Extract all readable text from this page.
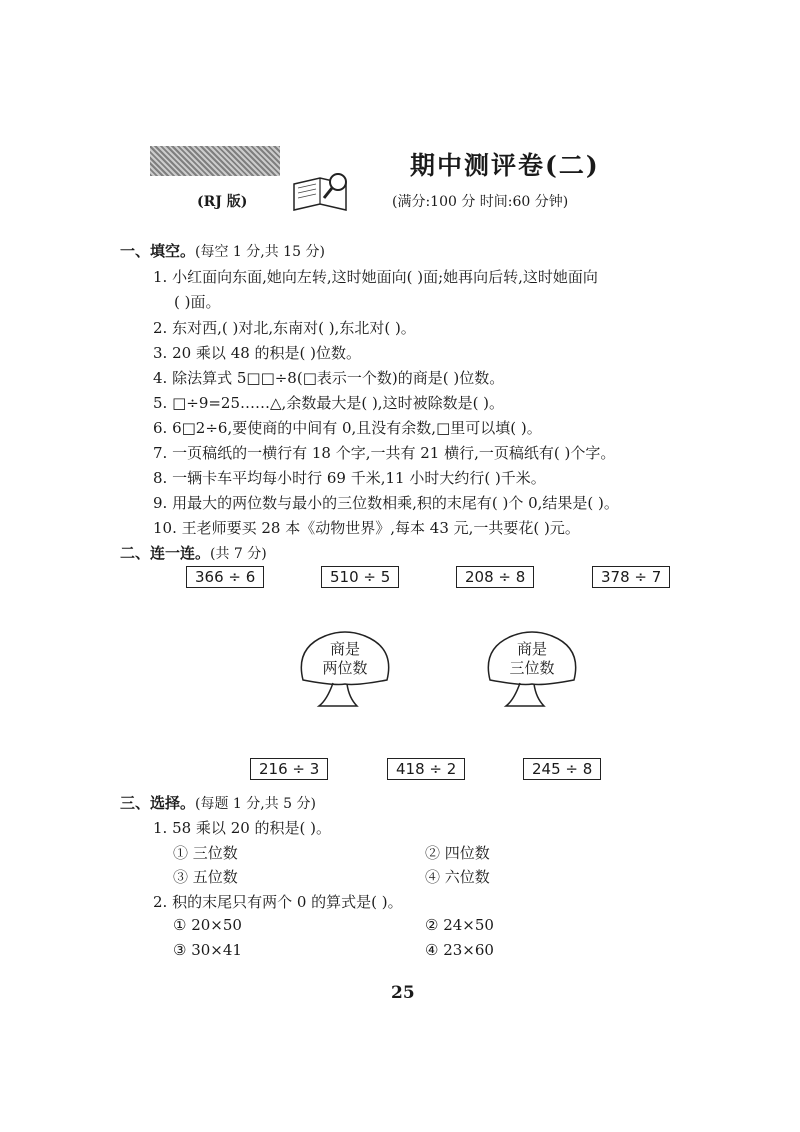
期中测评卷(二)
(RJ 版)	(满分:100 分 时间:60 分钟)
一、填空。(每空 1 分,共 15 分)
1. 小红面向东面,她向左转,这时她面向( )面;她再向后转,这时她面向
( )面。
2. 东对西,( )对北,东南对( ),东北对( )。
3. 20 乘以 48 的积是( )位数。
4. 除法算式 5□□÷8(□表示一个数)的商是( )位数。
5. □÷9=25……△,余数最大是( ),这时被除数是( )。
6. 6□2÷6,要使商的中间有 0,且没有余数,□里可以填( )。
7. 一页稿纸的一横行有 18 个字,一共有 21 横行,一页稿纸有( )个字。
8. 一辆卡车平均每小时行 69 千米,11 小时大约行( )千米。
9. 用最大的两位数与最小的三位数相乘,积的末尾有( )个 0,结果是( )。
10. 王老师要买 28 本《动物世界》,每本 43 元,一共要花( )元。
二、连一连。(共 7 分)
366 ÷ 6	510 ÷ 5	208 ÷ 8	378 ÷ 7
商是
两位数
商是
三位数
216 ÷ 3	418 ÷ 2	245 ÷ 8
三、选择。(每题 1 分,共 5 分)
1. 58 乘以 20 的积是( )。
① 三位数	② 四位数
③ 五位数	④ 六位数
2. 积的末尾只有两个 0 的算式是( )。
① 20×50	② 24×50
③ 30×41	④ 23×60
25
